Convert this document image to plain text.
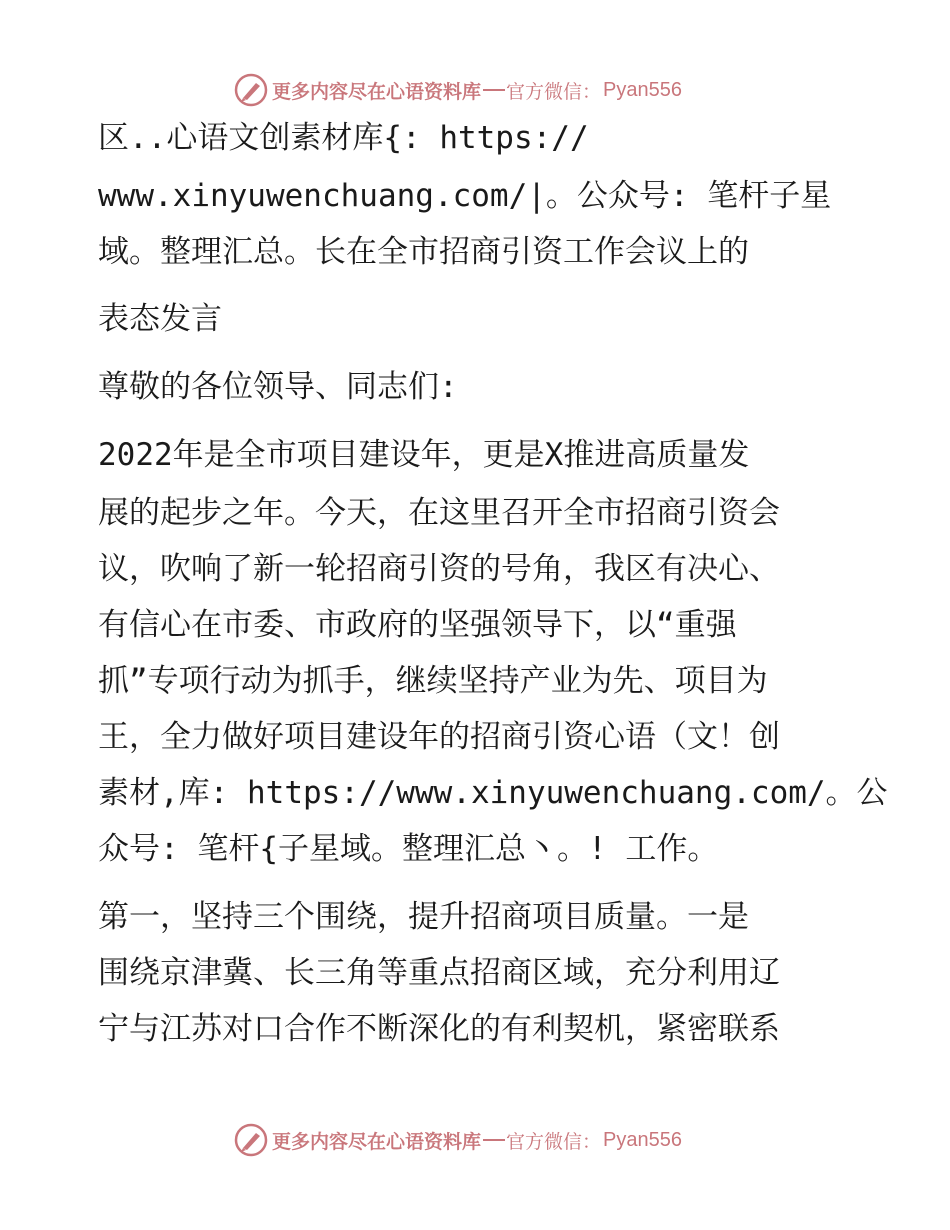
更多内容尽在心语资料库 官方微信： Pyan556
区..心语文创素材库{: https://
www.xinyuwenchuang.com/|。公众号: 笔杆子星
域。整理汇总。长在全市招商引资工作会议上的
表态发言
尊敬的各位领导、同志们:
2022年是全市项目建设年，更是X推进高质量发
展的起步之年。今天，在这里召开全市招商引资会
议，吹响了新一轮招商引资的号角，我区有决心、
有信心在市委、市政府的坚强领导下，以“重强
抓”专项行动为抓手，继续坚持产业为先、项目为
王，全力做好项目建设年的招商引资心语（文！创
素材,库: https://www.xinyuwenchuang.com/。公
众号: 笔杆{子星域。整理汇总丶。! 工作。
第一，坚持三个围绕，提升招商项目质量。一是
围绕京津冀、长三角等重点招商区域，充分利用辽
宁与江苏对口合作不断深化的有利契机，紧密联系
更多内容尽在心语资料库 官方微信： Pyan556
